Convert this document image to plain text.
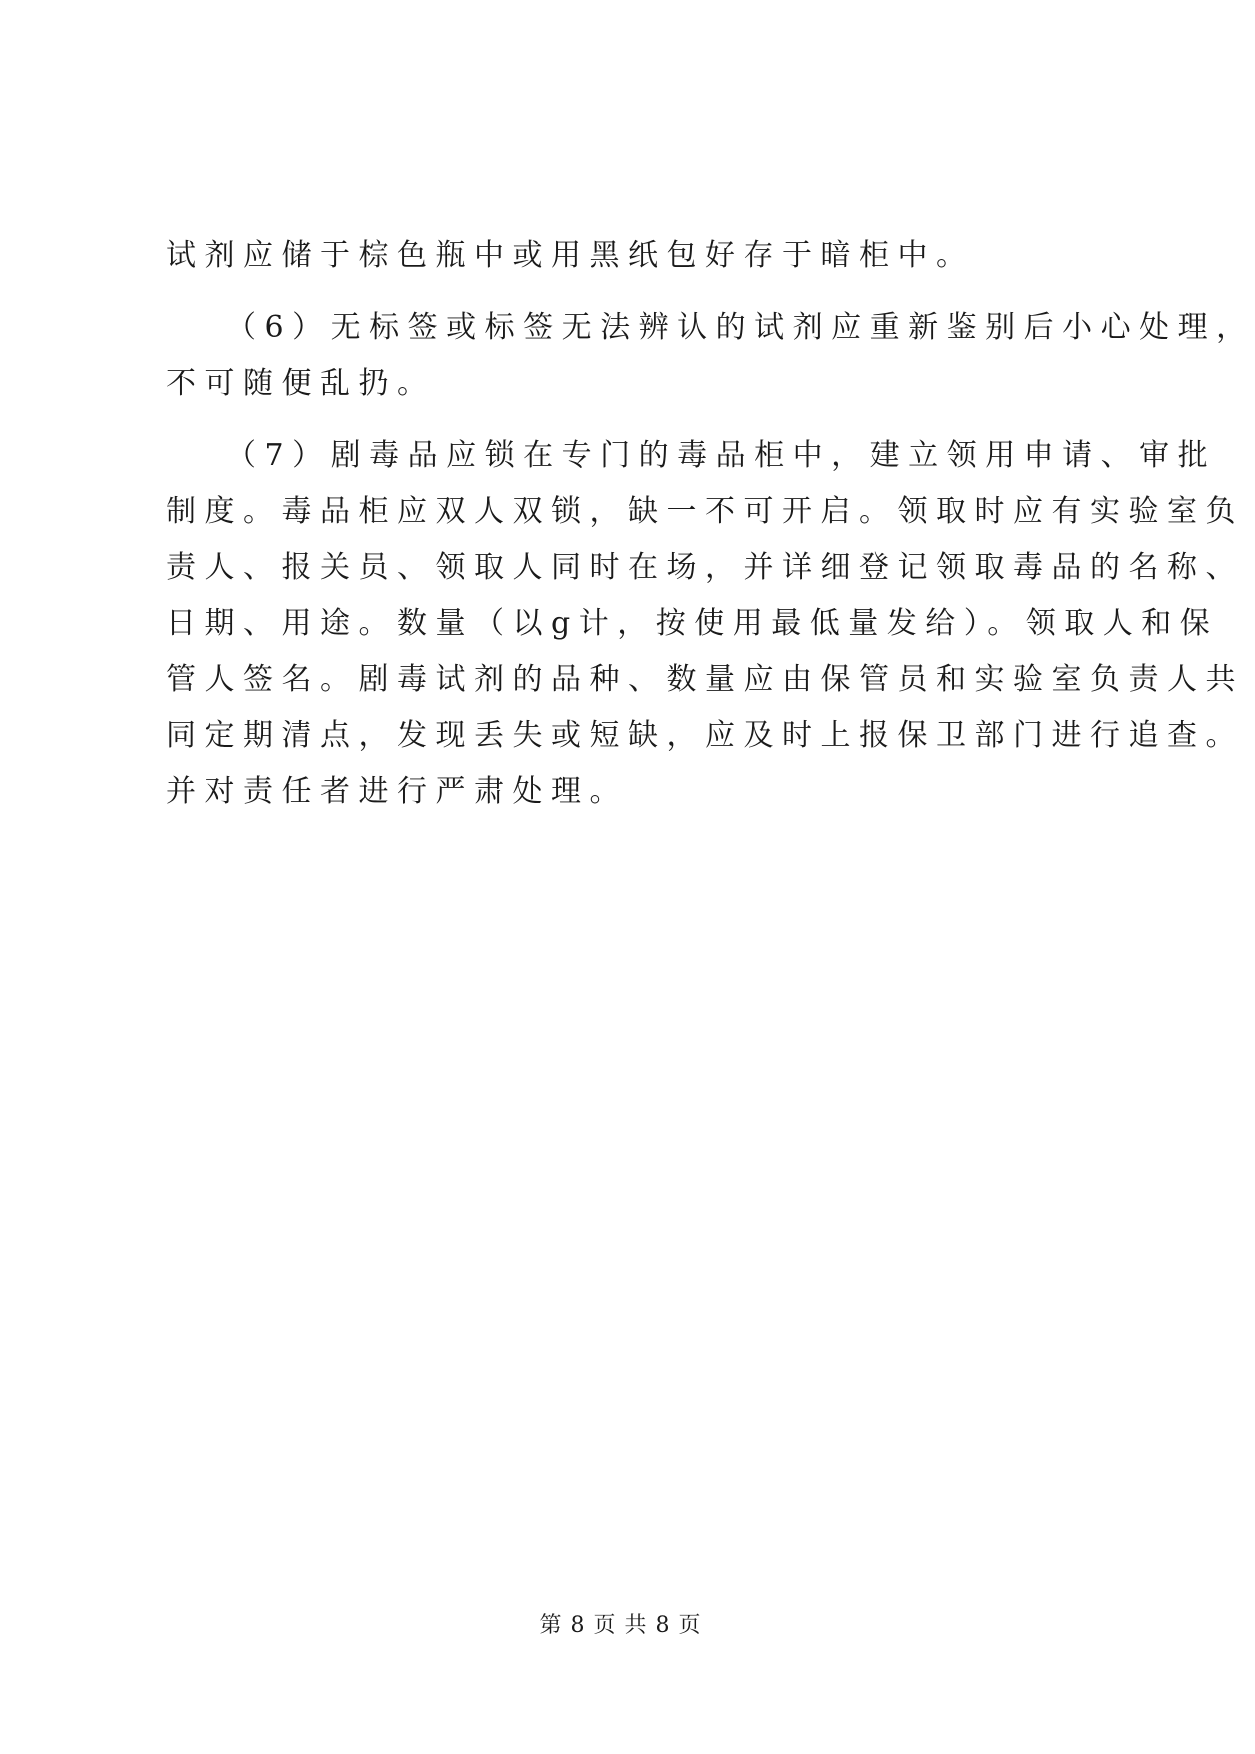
试剂应储于棕色瓶中或用黑纸包好存于暗柜中。
（6）无标签或标签无法辨认的试剂应重新鉴别后小心处理，
不可随便乱扔。
（7）剧毒品应锁在专门的毒品柜中，建立领用申请、审批
制度。毒品柜应双人双锁，缺一不可开启。领取时应有实验室负
责人、报关员、领取人同时在场，并详细登记领取毒品的名称、
日期、用途。数量（以g计，按使用最低量发给）。领取人和保
管人签名。剧毒试剂的品种、数量应由保管员和实验室负责人共
同定期清点，发现丢失或短缺，应及时上报保卫部门进行追查。
并对责任者进行严肃处理。
第 8 页 共 8 页
